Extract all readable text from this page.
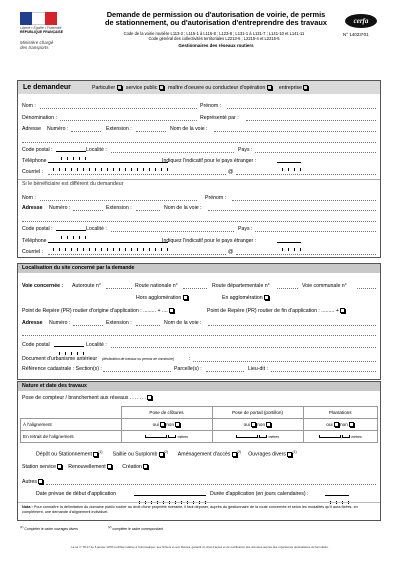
Liberté • Égalité • Fraternité
RÉPUBLIQUE FRANÇAISE
Ministère chargé
des transports
Demande de permission ou d'autorisation de voirie, de permis
de stationnement, ou d'autorisation d'entreprendre des travaux
Code de la voirie routière L113-2 ; L115-1 à L116-8 ; L123-8 ; L131-1 à L131-7 ; L141-10 et L141-11
Code général des collectivités territoriales L2213-6 ; L2215-4 et L2215-5
Gestionnaires des réseaux routiers
cerfa
N° 14023*01
Le demandeur	Particulier service public maître d'oeuvre ou conducteur d'opération	entreprise
Nom :	Prénom :
Dénomination :	Représenté par :
Adresse Numéro :	Extension :	Nom de la voie :
Code postal :	Localité :	Pays :
Téléphone	Indiquez l'indicatif pour le pays étranger :
Courriel :	@
Si le bénéficiaire est différent du demandeur
Nom :	Prénom :
Adresse Numéro :	Extension :	Nom de la voie :
Code postal :	Localité :	Pays :
Téléphone	Indiquez l'indicatif pour le pays étranger :
Courriel :	@
Localisation du site concerné par la demande
Voie concernée : Autoroute n°	Route nationale n°	Route départementale n°	Voie communale n°
Hors agglomération	En agglomération
Point de Repère (PR) routier d'origine d'application : ......... + ....	Point de Repère (PR) routier de fin d'application : ......... +
Adresse Numéro :	Extension :	Nom de la voie :
Code postal	Localité :
Document d'urbanisme antérieur (déclaration de travaux ou permis de construire)	:
Référence cadastrale : Section(s) :	Parcelle(s) :	Lieu-dit :
Nature et date des travaux
Pose de compteur / branchement aux réseaux .......
	Pose de clôtures	Pose de portail (portillon)	Plantations
À l'alignement	oui non	oui non	oui non
En retrait de l'alignement	, mètres	, mètres	, mètres
Dépôt ou Stationnement $^{(1)}$ Saillie ou Surplomb $^{(2)}$ Aménagement d'accès $^{(2)}$ Ouvrages divers $^{(1)}$
Station service Renouvellement	Création
Autres
Date prévue de début d'application	Durée d'application (en jours calendaires) :
Nota : Pour connaître la délimitation du domaine public routier au droit d'une propriété riveraine, il faut déposer, auprès du gestionnaire de la route concernée et selon les modalités qu'il aura fixées, en complément, une demande d'alignement individuel.
$^{(1)}$ Compléter le cadre ouvrages divers
$^{(2)}$ compléter le cadre correspondant
La loi n° 78-17 du 6 janvier 1978 modifiée relative à l'informatique, aux fichiers et aux libertés, garantit un droit d'accès et de rectification des données auprès des organismes destinataires du formulaire.
